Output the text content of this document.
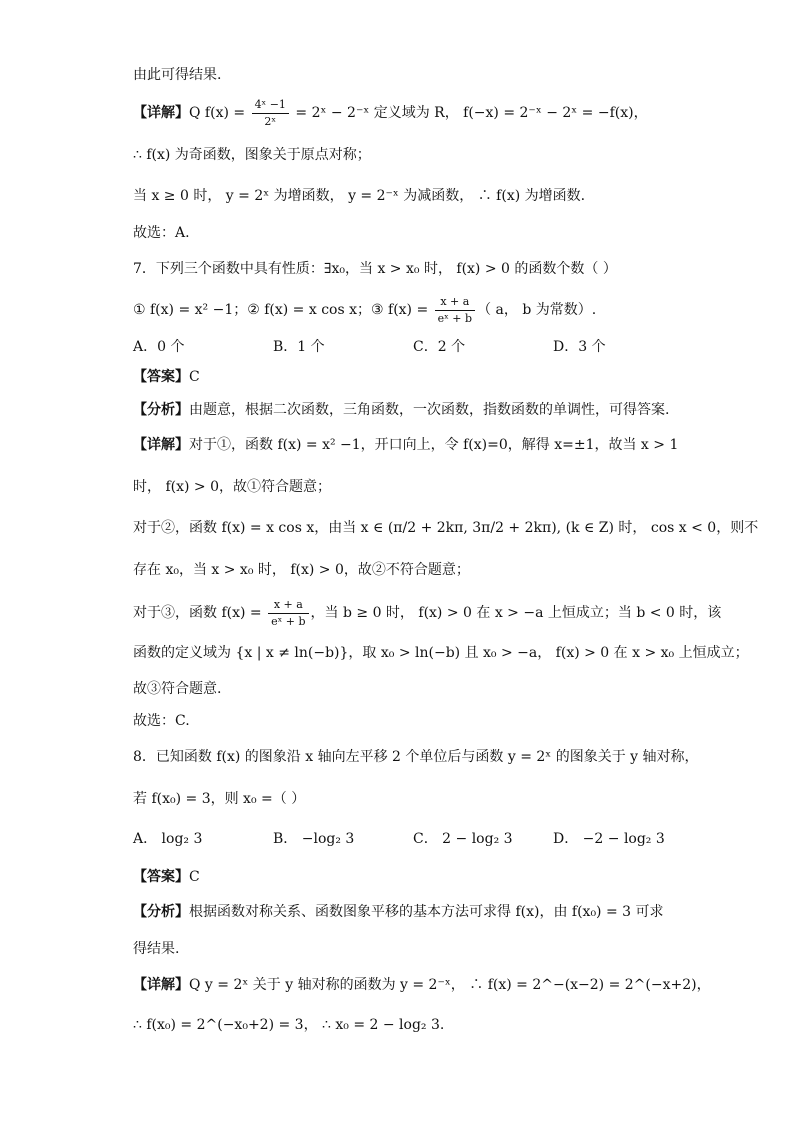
由此可得结果.
【详解】Q $f(x) = \frac{\text{4ˣ −1}}{\text{2ˣ}}$ = 2ˣ − 2⁻ˣ 定义域为 R， f(−x) = 2⁻ˣ − 2ˣ = −f(x)，
∴ f(x) 为奇函数，图象关于原点对称；
当 x ≥ 0 时， y = 2ˣ 为增函数， y = 2⁻ˣ 为减函数， ∴ f(x) 为增函数.
故选：A.
7．下列三个函数中具有性质：∃x₀，当 x > x₀ 时， f(x) > 0 的函数个数（ ）
① f(x) = x² −1；② f(x) = x cos x；③ $f(x) = \frac{x + a}{\text{eˣ + b}}$ （ a， b 为常数）.
A．0 个	B．1 个	C．2 个	D．3 个
【答案】C
【分析】由题意，根据二次函数，三角函数，一次函数，指数函数的单调性，可得答案.
【详解】对于①，函数 f(x) = x² −1，开口向上，令 f(x)=0，解得 x=±1，故当 x > 1
时， f(x) > 0，故①符合题意；
对于②，函数 f(x) = x cos x，由当 x ∈ (π/2 + 2kπ, 3π/2 + 2kπ), (k ∈ Z) 时， cos x < 0，则不
存在 x₀，当 x > x₀ 时， f(x) > 0，故②不符合题意；
对于③，函数 $f(x) = \frac{x + a}{\text{eˣ + b}}$ ，当 b ≥ 0 时， f(x) > 0 在 x > −a 上恒成立；当 b < 0 时，该
函数的定义域为 {x | x ≠ ln(−b)}，取 x₀ > ln(−b) 且 x₀ > −a， f(x) > 0 在 x > x₀ 上恒成立；
故③符合题意.
故选：C.
8．已知函数 f(x) 的图象沿 x 轴向左平移 2 个单位后与函数 y = 2ˣ 的图象关于 y 轴对称，
若 f(x₀) = 3，则 x₀ =（ ）
A． log₂ 3	B． −log₂ 3	C． 2 − log₂ 3	D． −2 − log₂ 3
【答案】C
【分析】根据函数对称关系、函数图象平移的基本方法可求得 f(x)，由 f(x₀) = 3 可求
得结果.
【详解】Q y = 2ˣ 关于 y 轴对称的函数为 y = 2⁻ˣ， ∴ f(x) = 2^−(x−2) = 2^(−x+2)，
∴ f(x₀) = 2^(−x₀+2) = 3， ∴ x₀ = 2 − log₂ 3.
